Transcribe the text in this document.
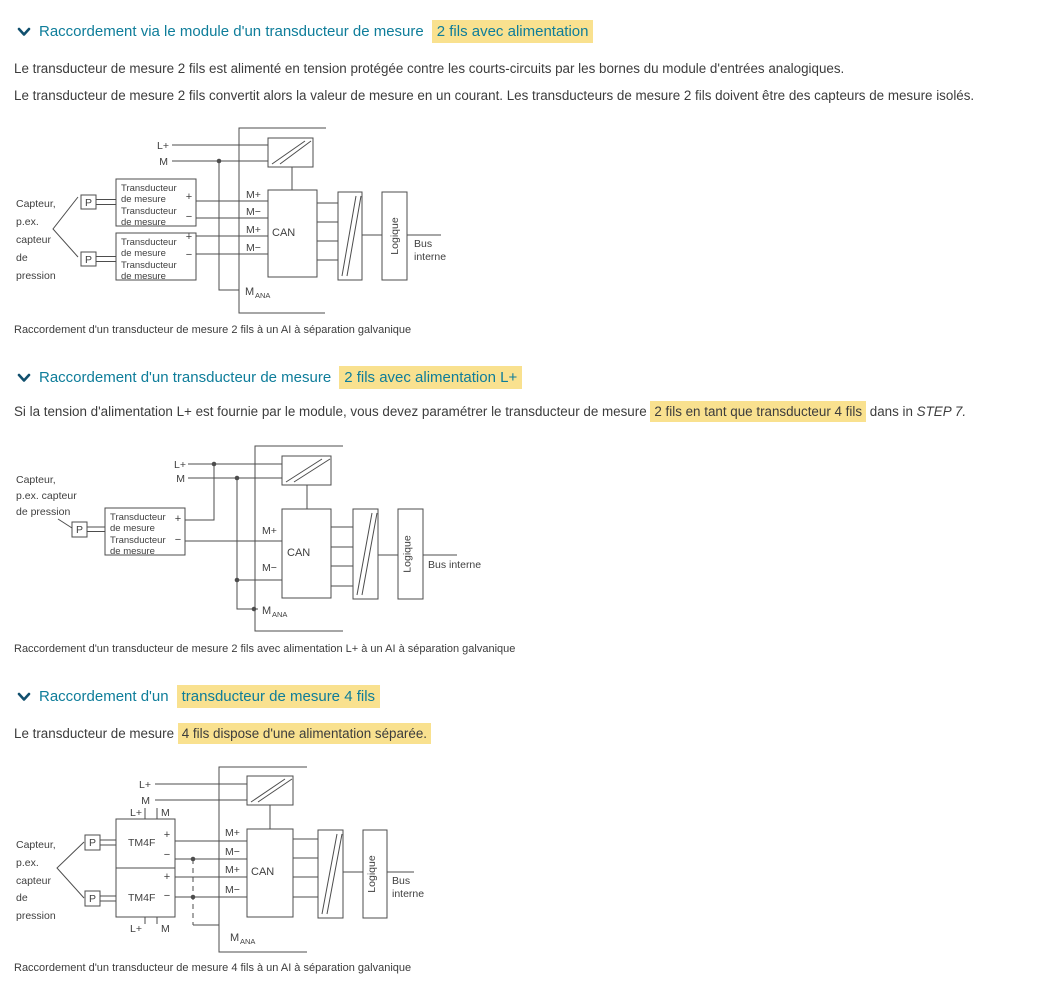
Raccordement via le module d'un transducteur de mesure 2 fils avec alimentation
Le transducteur de mesure 2 fils est alimenté en tension protégée contre les courts-circuits par les bornes du module d'entrées analogiques.
Le transducteur de mesure 2 fils convertit alors la valeur de mesure en un courant. Les transducteurs de mesure 2 fils doivent être des capteurs de mesure isolés.
Capteur,
p.ex.
capteur
de
pression
P
P
Transducteur
de mesure
Transducteur
de mesure
+
−
Transducteur
de mesure
Transducteur
de mesure
+
−
L+
M
M+
M−
M+
M−
M ANA
CAN	Logique Bus
interne
Raccordement d'un transducteur de mesure 2 fils à un AI à séparation galvanique
Raccordement d'un transducteur de mesure 2 fils avec alimentation L+
Si la tension d'alimentation L+ est fournie par le module, vous devez paramétrer le transducteur de mesure 2 fils en tant que transducteur 4 fils dans in STEP 7.
Capteur,
p.ex. capteur
de pression
P
Transducteur
de mesure
Transducteur
de mesure
+
−
L+
M
M+
M−
M ANA
CAN	Logique Bus interne
Raccordement d'un transducteur de mesure 2 fils avec alimentation L+ à un AI à séparation galvanique
Raccordement d'un transducteur de mesure 4 fils
Le transducteur de mesure 4 fils dispose d'une alimentation séparée.
Capteur,
p.ex.
capteur
de
pression
P
P
TM4F
+
−
L+ M
TM4F
+
−
L+ M
L+
M
M+
M−
M+
M−
M ANA
CAN	Logique Bus
interne
Raccordement d'un transducteur de mesure 4 fils à un AI à séparation galvanique
